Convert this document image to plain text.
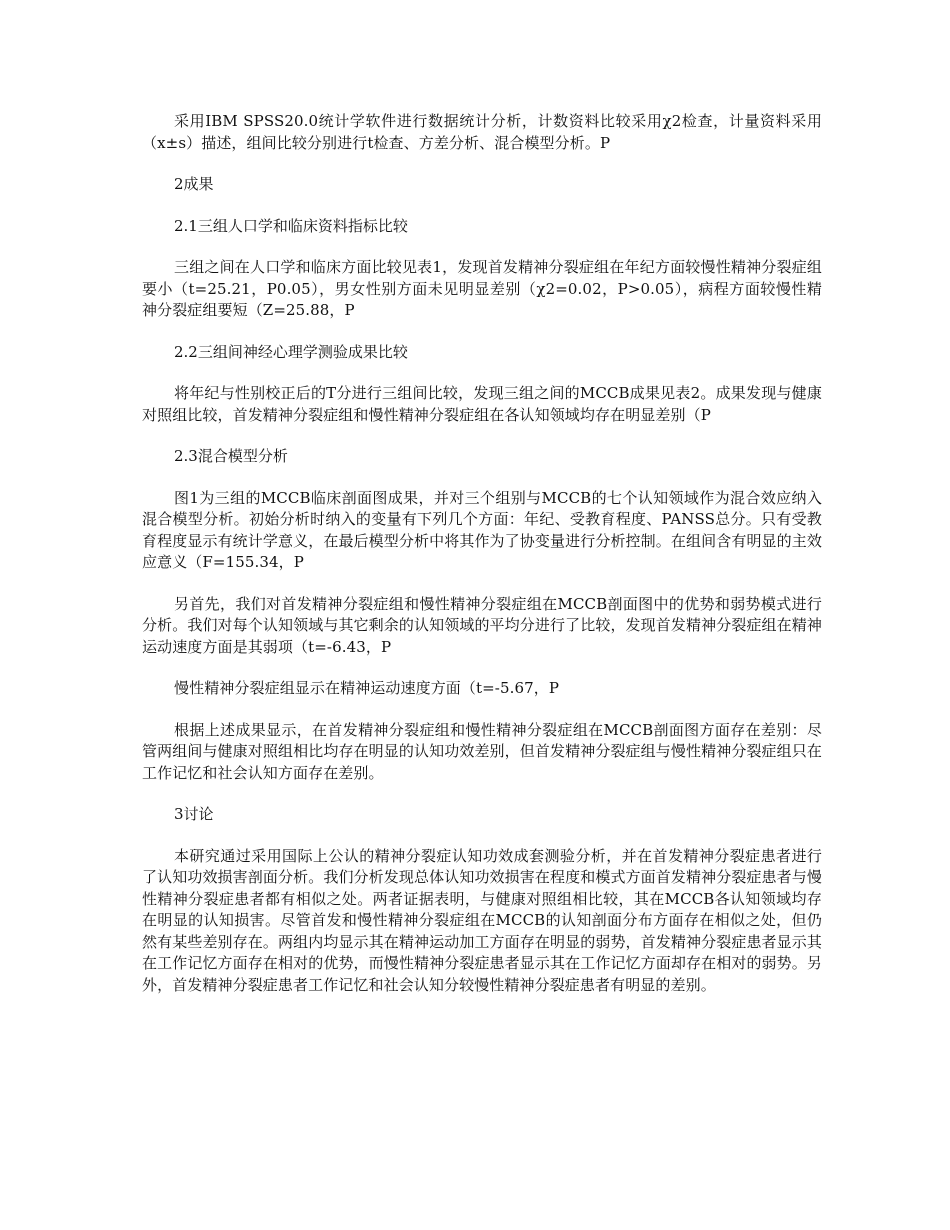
采用IBM SPSS20.0统计学软件进行数据统计分析，计数资料比较采用χ2检查，计量资料采用（x±s）描述，组间比较分别进行t检查、方差分析、混合模型分析。P

2成果

2.1三组人口学和临床资料指标比较

三组之间在人口学和临床方面比较见表1，发现首发精神分裂症组在年纪方面较慢性精神分裂症组要小（t=25.21，P0.05），男女性别方面未见明显差别（χ2=0.02，P>0.05），病程方面较慢性精神分裂症组要短（Z=25.88，P

2.2三组间神经心理学测验成果比较

将年纪与性别校正后的T分进行三组间比较，发现三组之间的MCCB成果见表2。成果发现与健康对照组比较，首发精神分裂症组和慢性精神分裂症组在各认知领域均存在明显差别（P

2.3混合模型分析

图1为三组的MCCB临床剖面图成果，并对三个组别与MCCB的七个认知领域作为混合效应纳入混合模型分析。初始分析时纳入的变量有下列几个方面：年纪、受教育程度、PANSS总分。只有受教育程度显示有统计学意义，在最后模型分析中将其作为了协变量进行分析控制。在组间含有明显的主效应意义（F=155.34，P

另首先，我们对首发精神分裂症组和慢性精神分裂症组在MCCB剖面图中的优势和弱势模式进行分析。我们对每个认知领域与其它剩余的认知领域的平均分进行了比较，发现首发精神分裂症组在精神运动速度方面是其弱项（t=-6.43，P

慢性精神分裂症组显示在精神运动速度方面（t=-5.67，P

根据上述成果显示，在首发精神分裂症组和慢性精神分裂症组在MCCB剖面图方面存在差别：尽管两组间与健康对照组相比均存在明显的认知功效差别，但首发精神分裂症组与慢性精神分裂症组只在工作记忆和社会认知方面存在差别。

3讨论

本研究通过采用国际上公认的精神分裂症认知功效成套测验分析，并在首发精神分裂症患者进行了认知功效损害剖面分析。我们分析发现总体认知功效损害在程度和模式方面首发精神分裂症患者与慢性精神分裂症患者都有相似之处。两者证据表明，与健康对照组相比较，其在MCCB各认知领域均存在明显的认知损害。尽管首发和慢性精神分裂症组在MCCB的认知剖面分布方面存在相似之处，但仍然有某些差别存在。两组内均显示其在精神运动加工方面存在明显的弱势，首发精神分裂症患者显示其在工作记忆方面存在相对的优势，而慢性精神分裂症患者显示其在工作记忆方面却存在相对的弱势。另外，首发精神分裂症患者工作记忆和社会认知分较慢性精神分裂症患者有明显的差别。
